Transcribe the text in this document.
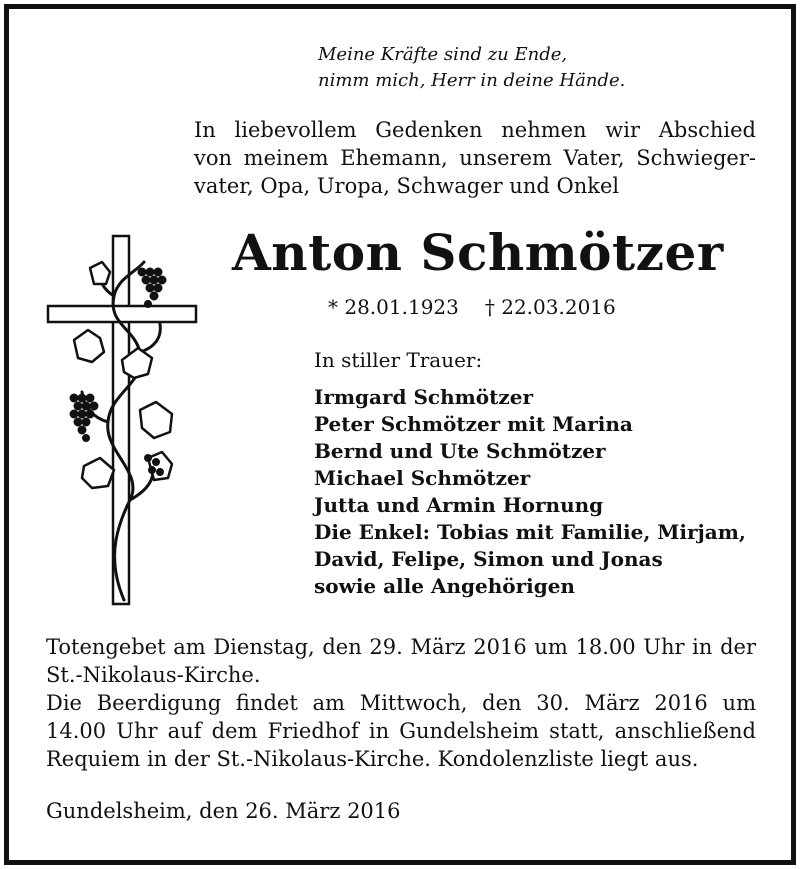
Meine Kräfte sind zu Ende,
nimm mich, Herr in deine Hände.
In liebevollem Gedenken nehmen wir Abschied
von meinem Ehemann, unserem Vater, Schwieger-
vater, Opa, Uropa, Schwager und Onkel
Anton Schmötzer
* 28.01.1923 † 22.03.2016
In stiller Trauer:
Irmgard Schmötzer
Peter Schmötzer mit Marina
Bernd und Ute Schmötzer
Michael Schmötzer
Jutta und Armin Hornung
Die Enkel: Tobias mit Familie, Mirjam,
David, Felipe, Simon und Jonas
sowie alle Angehörigen
Totengebet am Dienstag, den 29. März 2016 um 18.00 Uhr in der
St.-Nikolaus-Kirche.
Die Beerdigung findet am Mittwoch, den 30. März 2016 um
14.00 Uhr auf dem Friedhof in Gundelsheim statt, anschließend
Requiem in der St.-Nikolaus-Kirche. Kondolenzliste liegt aus.
Gundelsheim, den 26. März 2016
